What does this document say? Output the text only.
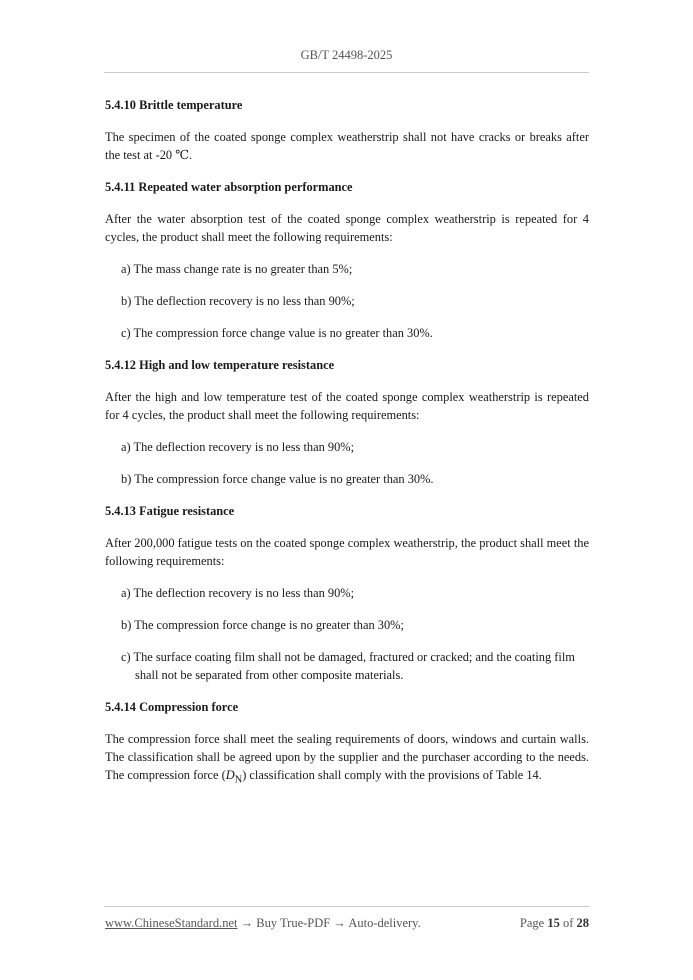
GB/T 24498-2025
5.4.10 Brittle temperature
The specimen of the coated sponge complex weatherstrip shall not have cracks or breaks after the test at -20 ℃.
5.4.11 Repeated water absorption performance
After the water absorption test of the coated sponge complex weatherstrip is repeated for 4 cycles, the product shall meet the following requirements:
a) The mass change rate is no greater than 5%;
b) The deflection recovery is no less than 90%;
c) The compression force change value is no greater than 30%.
5.4.12 High and low temperature resistance
After the high and low temperature test of the coated sponge complex weatherstrip is repeated for 4 cycles, the product shall meet the following requirements:
a) The deflection recovery is no less than 90%;
b) The compression force change value is no greater than 30%.
5.4.13 Fatigue resistance
After 200,000 fatigue tests on the coated sponge complex weatherstrip, the product shall meet the following requirements:
a) The deflection recovery is no less than 90%;
b) The compression force change is no greater than 30%;
c) The surface coating film shall not be damaged, fractured or cracked; and the coating film shall not be separated from other composite materials.
5.4.14 Compression force
The compression force shall meet the sealing requirements of doors, windows and curtain walls. The classification shall be agreed upon by the supplier and the purchaser according to the needs. The compression force $(D_N)$ classification shall comply with the provisions of Table 14.
www.ChineseStandard.net → Buy True-PDF → Auto-delivery.	Page 15 of 28
